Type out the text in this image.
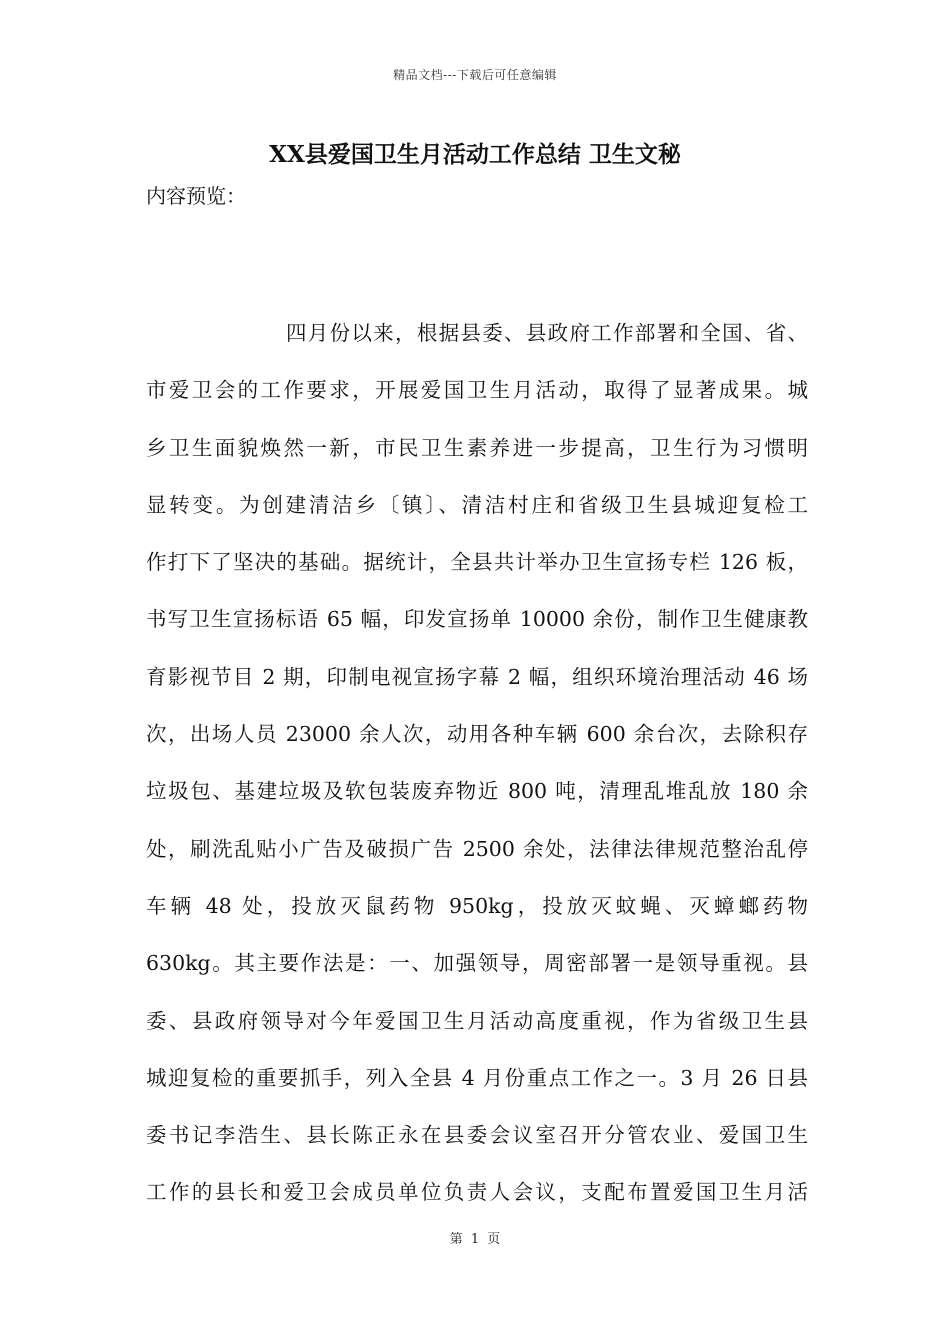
精品文档---下载后可任意编辑
XX县爱国卫生月活动工作总结 卫生文秘
内容预览：
四月份以来，根据县委、县政府工作部署和全国、省、
市爱卫会的工作要求，开展爱国卫生月活动，取得了显著成果。城
乡卫生面貌焕然一新，市民卫生素养进一步提高，卫生行为习惯明
显转变。为创建清洁乡〔镇〕、清洁村庄和省级卫生县城迎复检工
作打下了坚决的基础。据统计，全县共计举办卫生宣扬专栏 126 板，
书写卫生宣扬标语 65 幅，印发宣扬单 10000 余份，制作卫生健康教
育影视节目 2 期，印制电视宣扬字幕 2 幅，组织环境治理活动 46 场
次，出场人员 23000 余人次，动用各种车辆 600 余台次，去除积存
垃圾包、基建垃圾及软包装废弃物近 800 吨，清理乱堆乱放 180 余
处，刷洗乱贴小广告及破损广告 2500 余处，法律法律规范整治乱停
车辆 48 处，投放灭鼠药物 950kg，投放灭蚊蝇、灭蟑螂药物
630kg。其主要作法是：一、加强领导，周密部署一是领导重视。县
委、县政府领导对今年爱国卫生月活动高度重视，作为省级卫生县
城迎复检的重要抓手，列入全县 4 月份重点工作之一。3 月 26 日县
委书记李浩生、县长陈正永在县委会议室召开分管农业、爱国卫生
工作的县长和爱卫会成员单位负责人会议，支配布置爱国卫生月活
第 1 页
